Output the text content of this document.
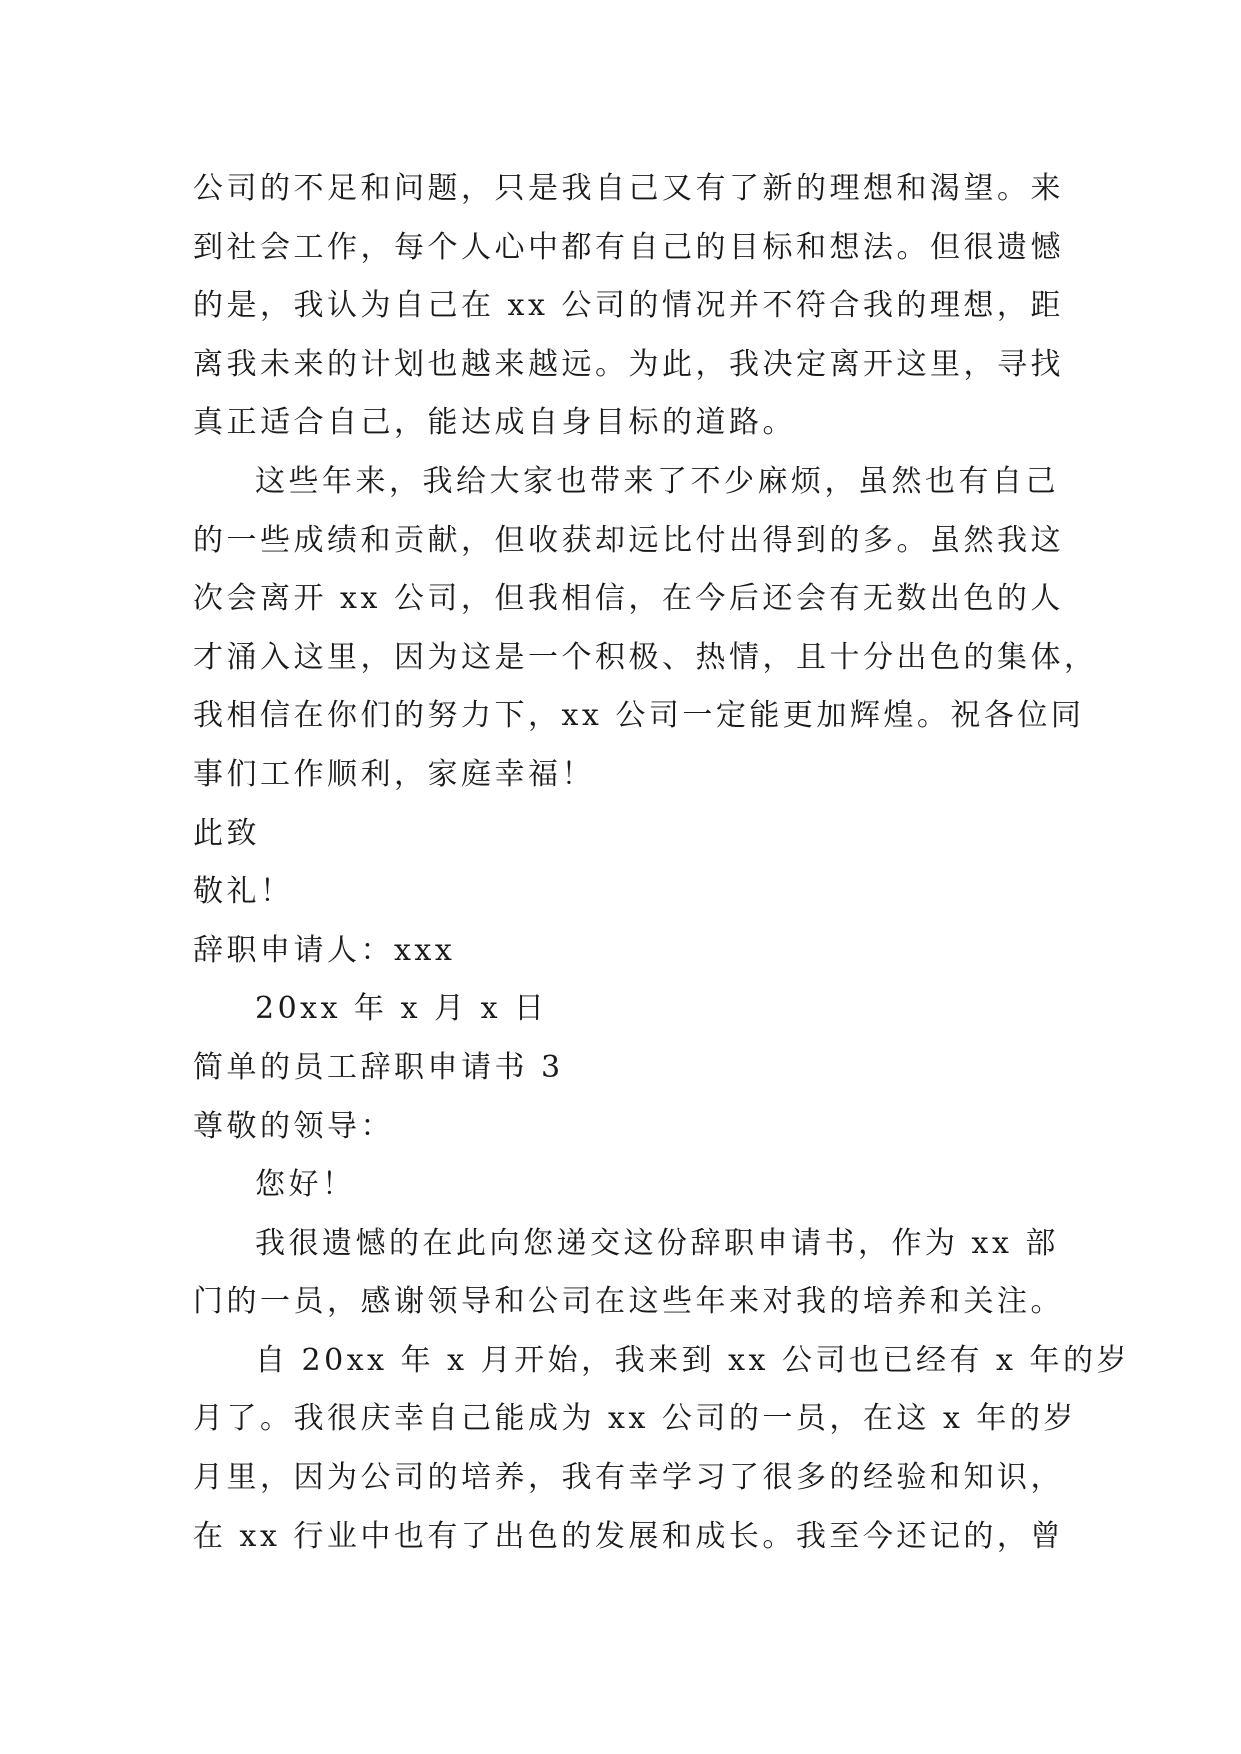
公司的不足和问题，只是我自己又有了新的理想和渴望。来
到社会工作，每个人心中都有自己的目标和想法。但很遗憾
的是，我认为自己在 xx 公司的情况并不符合我的理想，距
离我未来的计划也越来越远。为此，我决定离开这里，寻找
真正适合自己，能达成自身目标的道路。
这些年来，我给大家也带来了不少麻烦，虽然也有自己
的一些成绩和贡献，但收获却远比付出得到的多。虽然我这
次会离开 xx 公司，但我相信，在今后还会有无数出色的人
才涌入这里，因为这是一个积极、热情，且十分出色的集体，
我相信在你们的努力下，xx 公司一定能更加辉煌。祝各位同
事们工作顺利，家庭幸福！
此致
敬礼！
辞职申请人：xxx
20xx 年 x 月 x 日
简单的员工辞职申请书 3
尊敬的领导：
您好！
我很遗憾的在此向您递交这份辞职申请书，作为 xx 部
门的一员，感谢领导和公司在这些年来对我的培养和关注。
自 20xx 年 x 月开始，我来到 xx 公司也已经有 x 年的岁
月了。我很庆幸自己能成为 xx 公司的一员，在这 x 年的岁
月里，因为公司的培养，我有幸学习了很多的经验和知识，
在 xx 行业中也有了出色的发展和成长。我至今还记的，曾
